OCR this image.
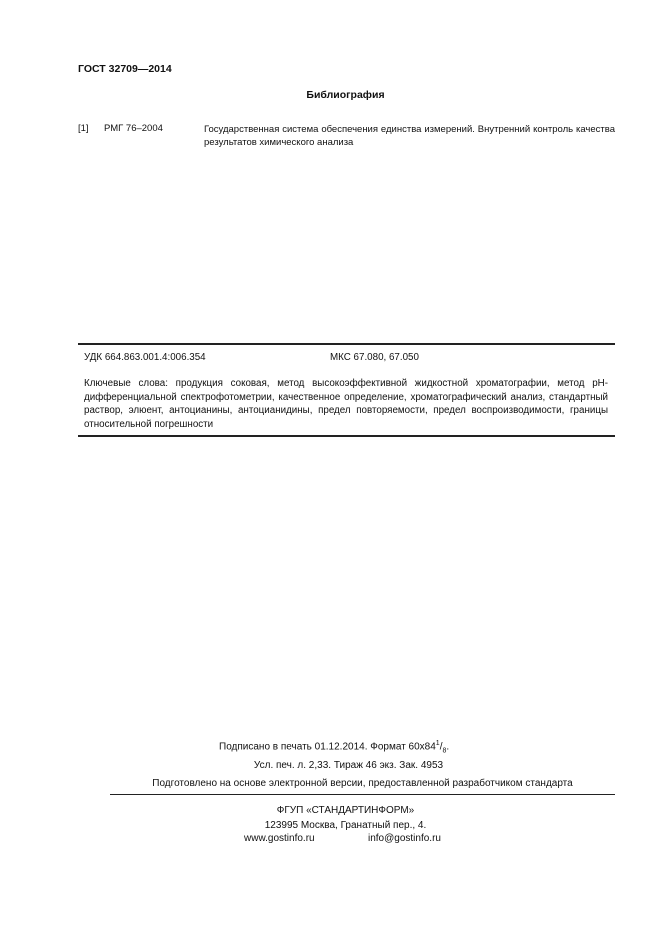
ГОСТ 32709—2014
Библиография
[1] РМГ 76–2004	Государственная система обеспечения единства измерений. Внутренний контроль качества результатов химического анализа
УДК 664.863.001.4:006.354	МКС 67.080, 67.050
Ключевые слова: продукция соковая, метод высокоэффективной жидкостной хроматографии, метод pH-дифференциальной спектрофотометрии, качественное определение, хроматографический анализ, стандартный раствор, элюент, антоцианины, антоцианидины, предел повторяемости, предел воспроизводимости, границы относительной погрешности
Подписано в печать 01.12.2014. Формат $60x84^1/_8$.
Усл. печ. л. 2,33. Тираж 46 экз. Зак. 4953
Подготовлено на основе электронной версии, предоставленной разработчиком стандарта
ФГУП «СТАНДАРТИНФОРМ»
123995 Москва, Гранатный пер., 4.
www.gostinfo.ru	info@gostinfo.ru
